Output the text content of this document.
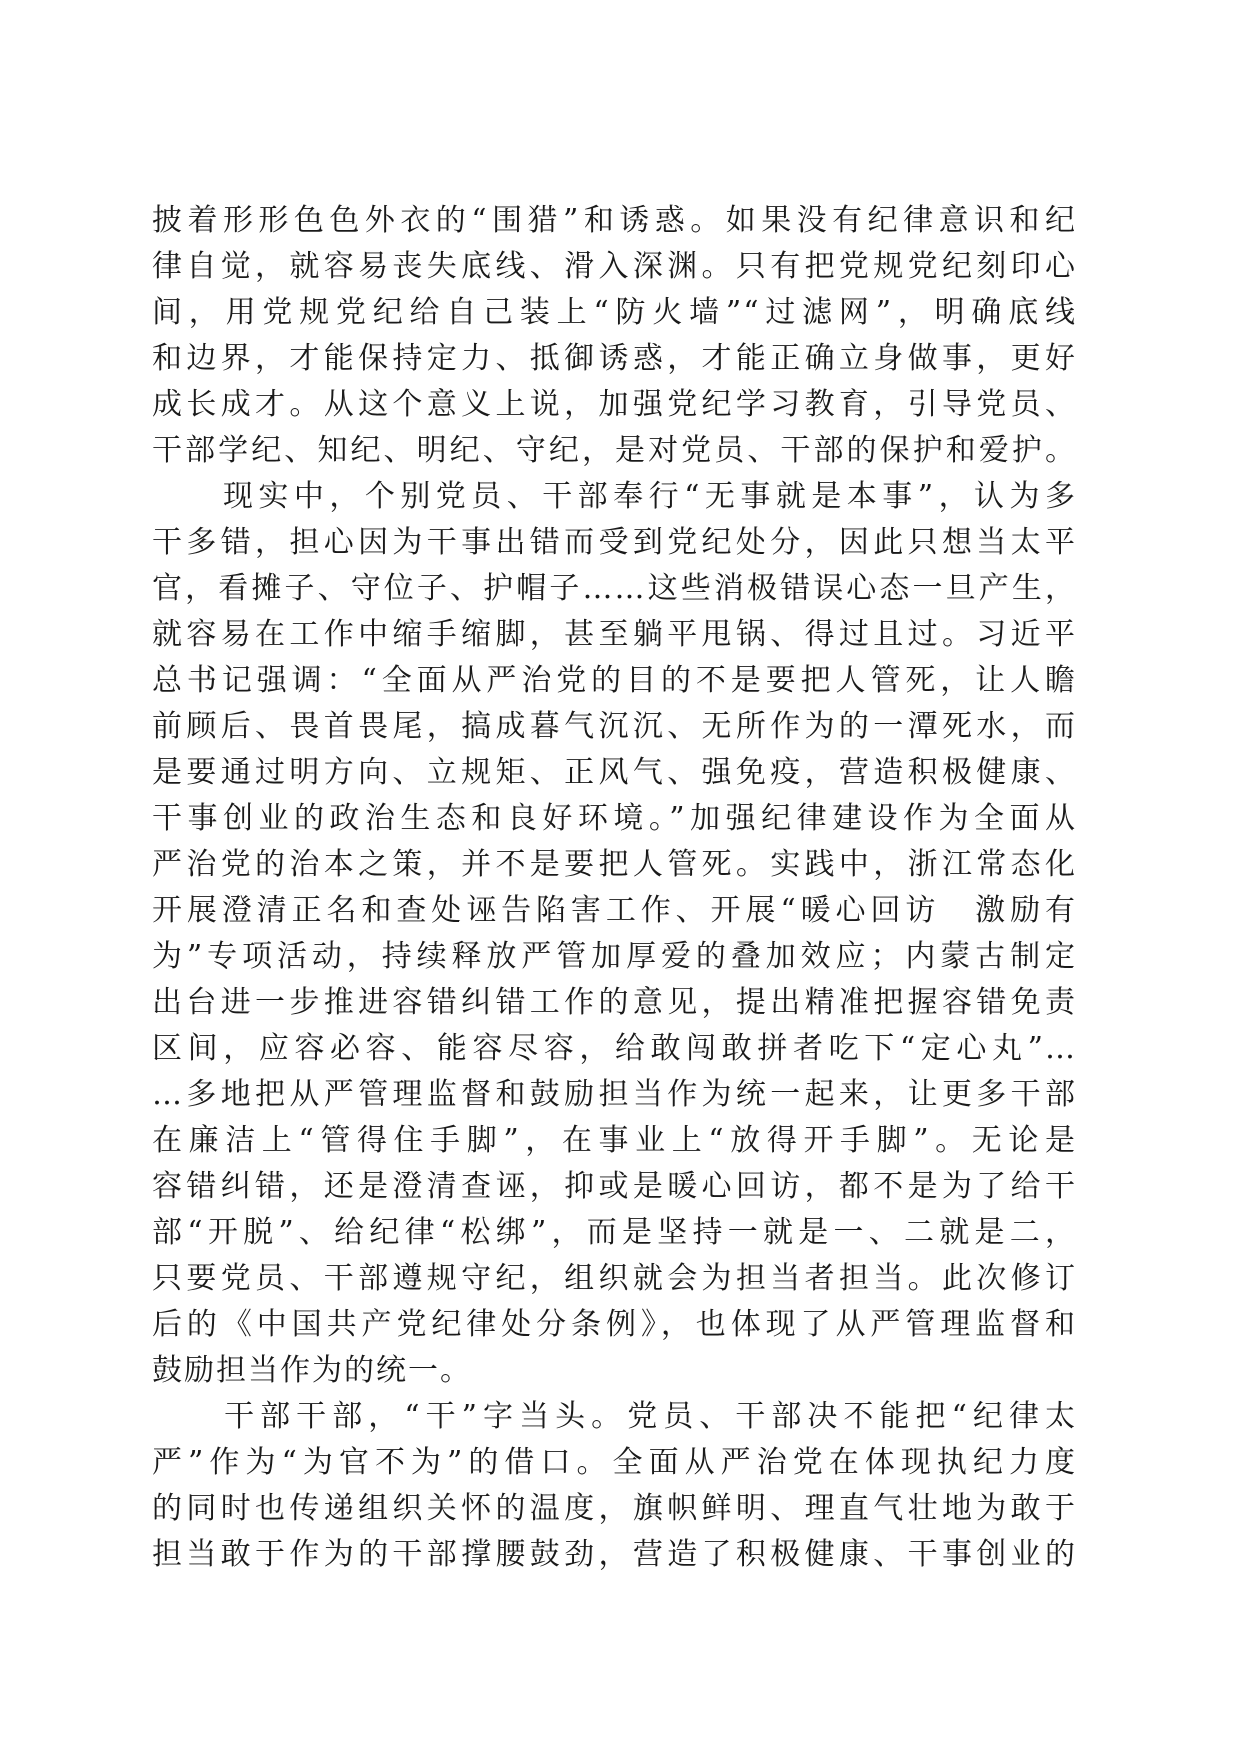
披着形形色色外衣的“围猎”和诱惑。如果没有纪律意识和纪
律自觉，就容易丧失底线、滑入深渊。只有把党规党纪刻印心
间，用党规党纪给自己装上“防火墙”“过滤网”，明确底线
和边界，才能保持定力、抵御诱惑，才能正确立身做事，更好
成长成才。从这个意义上说，加强党纪学习教育，引导党员、
干部学纪、知纪、明纪、守纪，是对党员、干部的保护和爱护。
　　现实中，个别党员、干部奉行“无事就是本事”，认为多
干多错，担心因为干事出错而受到党纪处分，因此只想当太平
官，看摊子、守位子、护帽子……这些消极错误心态一旦产生，
就容易在工作中缩手缩脚，甚至躺平甩锅、得过且过。习近平
总书记强调：“全面从严治党的目的不是要把人管死，让人瞻
前顾后、畏首畏尾，搞成暮气沉沉、无所作为的一潭死水，而
是要通过明方向、立规矩、正风气、强免疫，营造积极健康、
干事创业的政治生态和良好环境。”加强纪律建设作为全面从
严治党的治本之策，并不是要把人管死。实践中，浙江常态化
开展澄清正名和查处诬告陷害工作、开展“暖心回访　激励有
为”专项活动，持续释放严管加厚爱的叠加效应；内蒙古制定
出台进一步推进容错纠错工作的意见，提出精准把握容错免责
区间，应容必容、能容尽容，给敢闯敢拼者吃下“定心丸”…
…多地把从严管理监督和鼓励担当作为统一起来，让更多干部
在廉洁上“管得住手脚”，在事业上“放得开手脚”。无论是
容错纠错，还是澄清查诬，抑或是暖心回访，都不是为了给干
部“开脱”、给纪律“松绑”，而是坚持一就是一、二就是二，
只要党员、干部遵规守纪，组织就会为担当者担当。此次修订
后的《中国共产党纪律处分条例》，也体现了从严管理监督和
鼓励担当作为的统一。
　　干部干部，“干”字当头。党员、干部决不能把“纪律太
严”作为“为官不为”的借口。全面从严治党在体现执纪力度
的同时也传递组织关怀的温度，旗帜鲜明、理直气壮地为敢于
担当敢于作为的干部撑腰鼓劲，营造了积极健康、干事创业的
